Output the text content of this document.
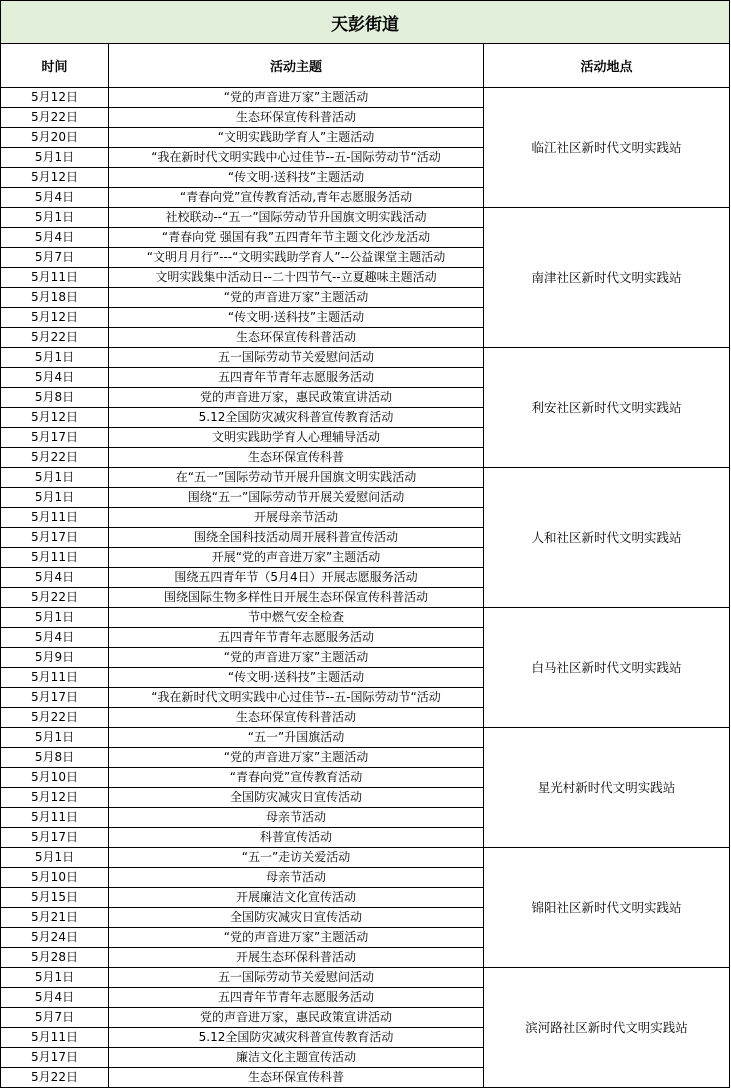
天彭街道		
时间	活动主题	活动地点
5月12日	“党的声音进万家”主题活动	临江社区新时代文明实践站
5月22日	生态环保宣传科普活动	
5月20日	“文明实践助学育人”主题活动	
5月1日	“我在新时代文明实践中心过佳节--五-国际劳动节“活动	
5月12日	“传文明·送科技”主题活动	
5月4日	“青春向党”宣传教育活动,青年志愿服务活动	
5月1日	社校联动--“五一”国际劳动节升国旗文明实践活动	南津社区新时代文明实践站
5月4日	“青春向党 强国有我”五四青年节主题文化沙龙活动	
5月7日	“文明月月行”---“文明实践助学育人”--公益课堂主题活动	
5月11日	文明实践集中活动日--二十四节气--立夏趣味主题活动	
5月18日	“党的声音进万家”主题活动	
5月12日	“传文明·送科技”主题活动	
5月22日	生态环保宣传科普活动	
5月1日	五一国际劳动节关爱慰问活动	利安社区新时代文明实践站
5月4日	五四青年节青年志愿服务活动	
5月8日	党的声音进万家，惠民政策宣讲活动	
5月12日	5.12全国防灾减灾科普宣传教育活动	
5月17日	文明实践助学育人心理辅导活动	
5月22日	生态环保宣传科普	
5月1日	在“五一”国际劳动节开展升国旗文明实践活动	人和社区新时代文明实践站
5月1日	围绕“五一”国际劳动节开展关爱慰问活动	
5月11日	开展母亲节活动	
5月17日	围绕全国科技活动周开展科普宣传活动	
5月11日	开展“党的声音进万家”主题活动	
5月4日	围绕五四青年节（5月4日）开展志愿服务活动	
5月22日	围绕国际生物多样性日开展生态环保宣传科普活动	
5月1日	节中燃气安全检查	白马社区新时代文明实践站
5月4日	五四青年节青年志愿服务活动	
5月9日	“党的声音进万家”主题活动	
5月11日	“传文明·送科技”主题活动	
5月17日	“我在新时代文明实践中心过佳节--五-国际劳动节“活动	
5月22日	生态环保宣传科普活动	
5月1日	“五一”升国旗活动	星光村新时代文明实践站
5月8日	“党的声音进万家”主题活动	
5月10日	“青春向党”宣传教育活动	
5月12日	全国防灾减灾日宣传活动	
5月11日	母亲节活动	
5月17日	科普宣传活动	
5月1日	“五一”走访关爱活动	锦阳社区新时代文明实践站
5月10日	母亲节活动	
5月15日	开展廉洁文化宣传活动	
5月21日	全国防灾减灾日宣传活动	
5月24日	“党的声音进万家”主题活动	
5月28日	开展生态环保科普活动	
5月1日	五一国际劳动节关爱慰问活动	滨河路社区新时代文明实践站
5月4日	五四青年节青年志愿服务活动	
5月7日	党的声音进万家，惠民政策宣讲活动	
5月11日	5.12全国防灾减灾科普宣传教育活动	
5月17日	廉洁文化主题宣传活动	
5月22日	生态环保宣传科普	
